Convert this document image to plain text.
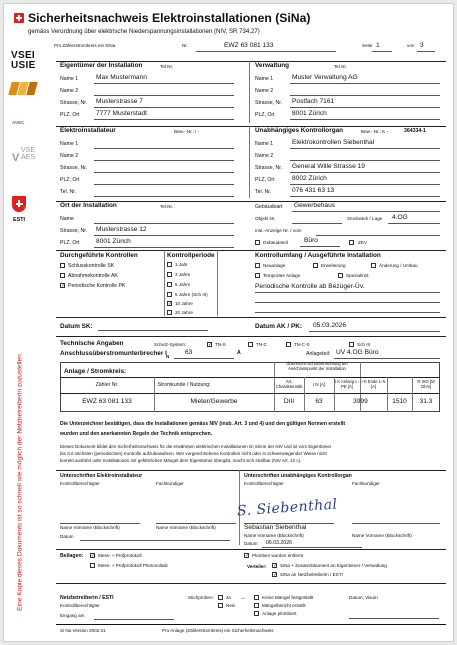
Sicherheitsnachweis Elektroinstallationen (SiNa)
gemäss Verordnung über elektrische Niederspannungsinstallationen (NIV, SR 734.27)
Pro Zählerstromkreis ein SiNa	Nr.	EWZ 63 081 133	Seite 1	von 3
VSEI
USIE
AVEC
V
VSE AES
ESTI
Eine Kopie dieses Dokuments ist so schnell wie möglich der Netzbetreiberin zuzustellen.
Eigentümer der Installation	Tel.Nr.
Name 1	Max Mustermann
Name 2
Strasse, Nr. Musterstrasse 7
PLZ, Ort 7777 Musterstadt
Verwaltung	Tel.Nr.
Name 1	Muster Verwaltung AG
Name 2
Strasse, Nr. Postfach 7161
PLZ, Ort	8001 Zürich
Elektroinstallateur	Bew.- Nr.: I -
Name 1
Name 2
Strasse, Nr.
PLZ, Ort
Tel. Nr.
Unabhängiges Kontrollorgan	Bew.- Nr.: K -	364334-1
Name 1	Elektrokontrollen Siebenthal
Name 2
Strasse, Nr. General Wille Strasse 19
PLZ, Ort	8002 Zürich
Tel. Nr.	076 431 63 13
Ort der Installation	Tel.Nr.
Name
Strasse, Nr. Musterstrasse 12
PLZ, Ort 8001 Zürich
Gebäudeart Gewerbehaus
Objekt Nr.	Stockwerk / Lage 4.OG
Inst.-Anzeige Nr. / vom
Gebäudeteil Büro	ZEV
Durchgeführte Kontrollen
Schlusskontrolle SK
Abnahmekontrolle AK
✓
Periodische Kontrolle PK
Kontrollperiode
1 Jahr
3 Jahre
5 Jahre
5 Jahre (Sch III)
✓
10 Jahre
20 Jahre
Kontrollumfang / Ausgeführte Installation
Neuanlage	Erweiterung	Änderung / Umbau
Temporäre Anlage	Spezialinst.
Periodische Kontrolle ab Bezüger-Üv.
Datum SK:	Datum AK / PK: 05.03.2026
Technische Angaben	Schutz-System: ✓	TN-S	TN-C	TN-C-S	Sch III
Anschlussüberstromunterbrecher I N
63	A	Anlageteil: UV 4.OG Büro
Anlage / Stromkreis:
Überstrom-Schutzeinrichtung am Anschlusspunkt der Installation
Zähler Nr.	Stromkunde / Nutzung:
Art, Charakteristik	I N [A]
I K Anfang L-PE [A]
I K Ende L-N [A]
R ISO [M Ohm]
EWZ 63 081 133	Mieter/Gewerbe	DIII	63	3999	1510	31.3
Die Unterzeichner bestätigen, dass die Installationen gemäss NIV (insb. Art. 3 und 4) und den gültigen Normen erstellt
wurden und den anerkannten Regeln der Technik entsprechen.
Dieses Dokument bildet den Sicherheitsnachweis für die erwähnten elektrischen Installationen im Sinne der NIV und ist vom Eigentümer
bis zur nächsten (periodischen) Kontrolle aufzubewahren. Wer vorgeschriebene Kontrollen nicht oder in schwerwiegender Weise nicht
korrekt ausführt oder Installationen mit gefährlichen Mängel dem Eigentümer übergibt, macht sich strafbar (NIV Art. 42 c).
Unterschriften Elektroinstallateur
Kontrollberechtigter	Fachkundiger
Name Vorname (Blockschrift)	Name Vorname (Blockschrift)
Datum
Unterschriften unabhängiges Kontrollorgan
Kontrollberechtigter	Fachkundiger
S. Siebenthal
Sebastian Siebenthal
Name Vorname (Blockschrift)	Name Vorname (Blockschrift)
Datum 06.03.2026
Beilagen: ✓	Mess- + Prüfprotokoll
Mess- + Prüfprotokoll Photovoltaik
✓
Plomben wurden entfernt
Verteiler: ✓	SiNa + Zusatzdokument an Eigentümer / Verwaltung
✓
SiNa an Netzbetreiberin / ESTI
Netzbetreiberin / ESTI
Kontrollberechtigter
Stichproben:	Ja
Nein
→	Keine Mängel festgestellt
Mängelbericht erstellt
Anlage plombiert
Datum, Visum
Eingang am
Si Na Version 2002.01	Pro Anlage (Zählerstromkreis) ein Sicherheitsnachweis
